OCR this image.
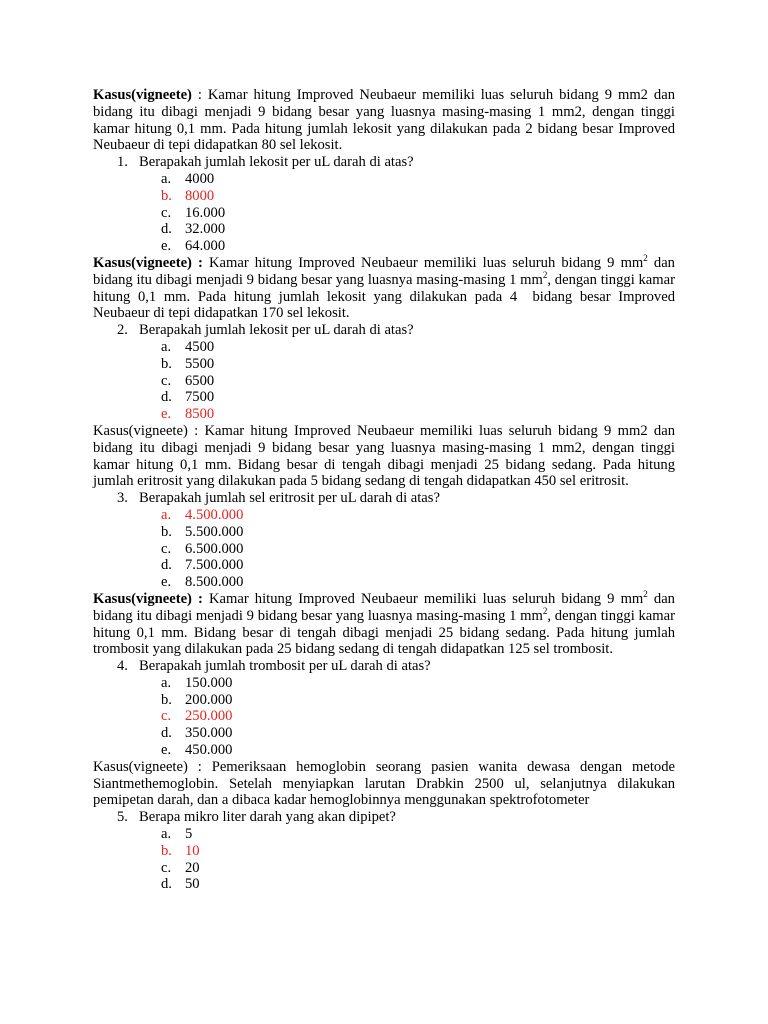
Kasus(vigneete) : Kamar hitung Improved Neubaeur memiliki luas seluruh bidang 9 mm2 dan bidang itu dibagi menjadi 9 bidang besar yang luasnya masing-masing 1 mm2, dengan tinggi kamar hitung 0,1 mm. Pada hitung jumlah lekosit yang dilakukan pada 2 bidang besar Improved Neubaeur di tepi didapatkan 80 sel lekosit.
1. Berapakah jumlah lekosit per uL darah di atas?
a. 4000
b. 8000
c. 16.000
d. 32.000
e. 64.000
Kasus(vigneete) : Kamar hitung Improved Neubaeur memiliki luas seluruh bidang 9 $mm^2$ dan bidang itu dibagi menjadi 9 bidang besar yang luasnya masing-masing 1 $mm^2$, dengan tinggi kamar hitung 0,1 mm. Pada hitung jumlah lekosit yang dilakukan pada 4  bidang besar Improved Neubaeur di tepi didapatkan 170 sel lekosit.
2. Berapakah jumlah lekosit per uL darah di atas?
a. 4500
b. 5500
c. 6500
d. 7500
e. 8500
Kasus(vigneete) : Kamar hitung Improved Neubaeur memiliki luas seluruh bidang 9 mm2 dan bidang itu dibagi menjadi 9 bidang besar yang luasnya masing-masing 1 mm2, dengan tinggi kamar hitung 0,1 mm. Bidang besar di tengah dibagi menjadi 25 bidang sedang. Pada hitung jumlah eritrosit yang dilakukan pada 5 bidang sedang di tengah didapatkan 450 sel eritrosit.
3. Berapakah jumlah sel eritrosit per uL darah di atas?
a. 4.500.000
b. 5.500.000
c. 6.500.000
d. 7.500.000
e. 8.500.000
Kasus(vigneete) : Kamar hitung Improved Neubaeur memiliki luas seluruh bidang 9 $mm^2$ dan bidang itu dibagi menjadi 9 bidang besar yang luasnya masing-masing 1 $mm^2$, dengan tinggi kamar hitung 0,1 mm. Bidang besar di tengah dibagi menjadi 25 bidang sedang. Pada hitung jumlah trombosit yang dilakukan pada 25 bidang sedang di tengah didapatkan 125 sel trombosit.
4. Berapakah jumlah trombosit per uL darah di atas?
a. 150.000
b. 200.000
c. 250.000
d. 350.000
e. 450.000
Kasus(vigneete) : Pemeriksaan hemoglobin seorang pasien wanita dewasa dengan metode Siantmethemoglobin. Setelah menyiapkan larutan Drabkin 2500 ul, selanjutnya dilakukan pemipetan darah, dan a dibaca kadar hemoglobinnya menggunakan spektrofotometer
5. Berapa mikro liter darah yang akan dipipet?
a. 5
b. 10
c. 20
d. 50
